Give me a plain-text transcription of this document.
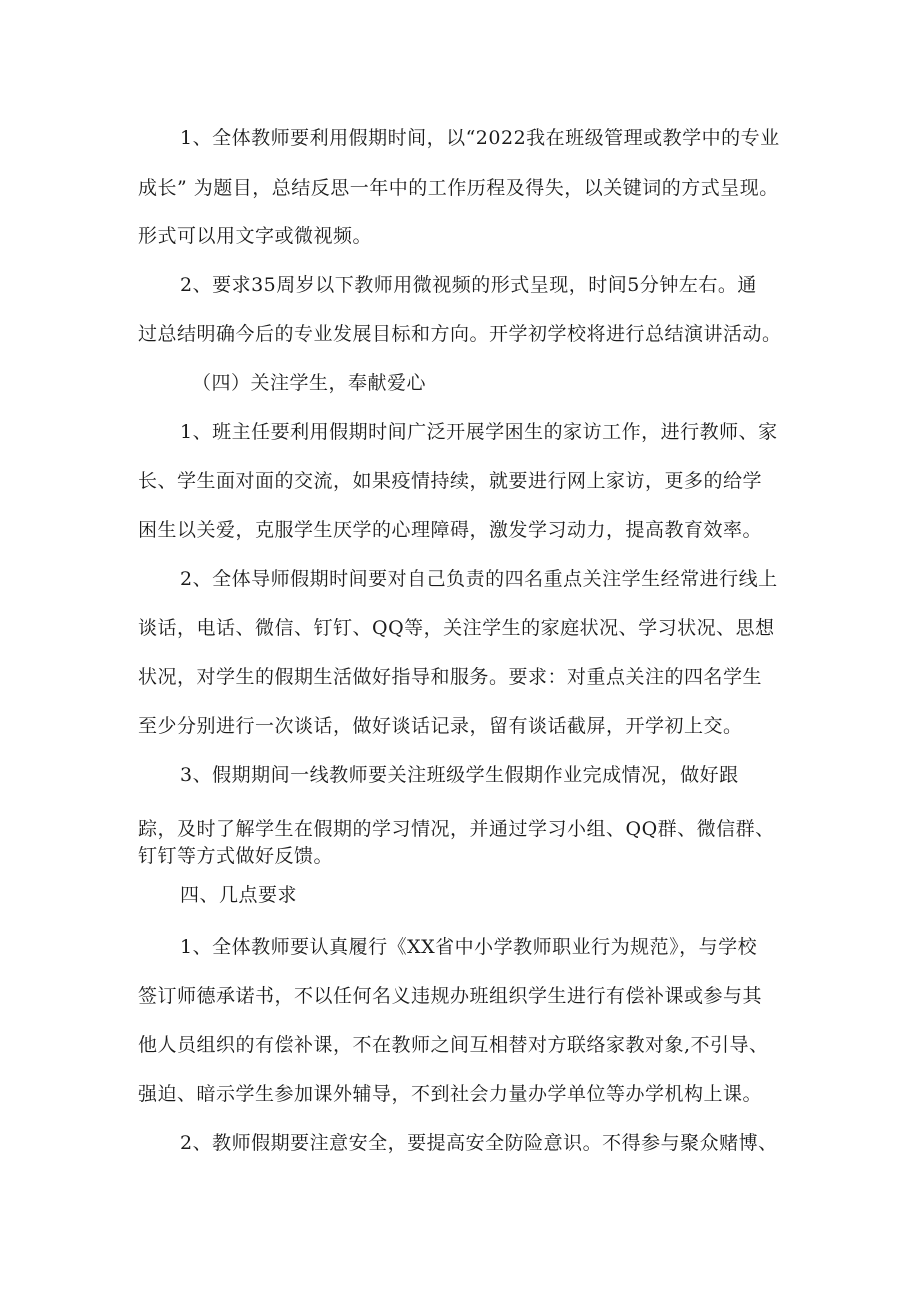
1、全体教师要利用假期时间，以“2022我在班级管理或教学中的专业
成长” 为题目，总结反思一年中的工作历程及得失，以关键词的方式呈现。
形式可以用文字或微视频。
2、要求35周岁以下教师用微视频的形式呈现，时间5分钟左右。通
过总结明确今后的专业发展目标和方向。开学初学校将进行总结演讲活动。
（四）关注学生，奉献爱心
1、班主任要利用假期时间广泛开展学困生的家访工作，进行教师、家
长、学生面对面的交流，如果疫情持续，就要进行网上家访，更多的给学
困生以关爱，克服学生厌学的心理障碍，激发学习动力，提高教育效率。
2、全体导师假期时间要对自己负责的四名重点关注学生经常进行线上
谈话，电话、微信、钉钉、QQ等，关注学生的家庭状况、学习状况、思想
状况，对学生的假期生活做好指导和服务。要求：对重点关注的四名学生
至少分别进行一次谈话，做好谈话记录，留有谈话截屏，开学初上交。
3、假期期间一线教师要关注班级学生假期作业完成情况，做好跟
踪，及时了解学生在假期的学习情况，并通过学习小组、QQ群、微信群、
钉钉等方式做好反馈。
四、几点要求
1、全体教师要认真履行《XX省中小学教师职业行为规范》，与学校
签订师德承诺书，不以任何名义违规办班组织学生进行有偿补课或参与其
他人员组织的有偿补课，不在教师之间互相替对方联络家教对象,不引导、
强迫、暗示学生参加课外辅导，不到社会力量办学单位等办学机构上课。
2、教师假期要注意安全，要提高安全防险意识。不得参与聚众赌博、
